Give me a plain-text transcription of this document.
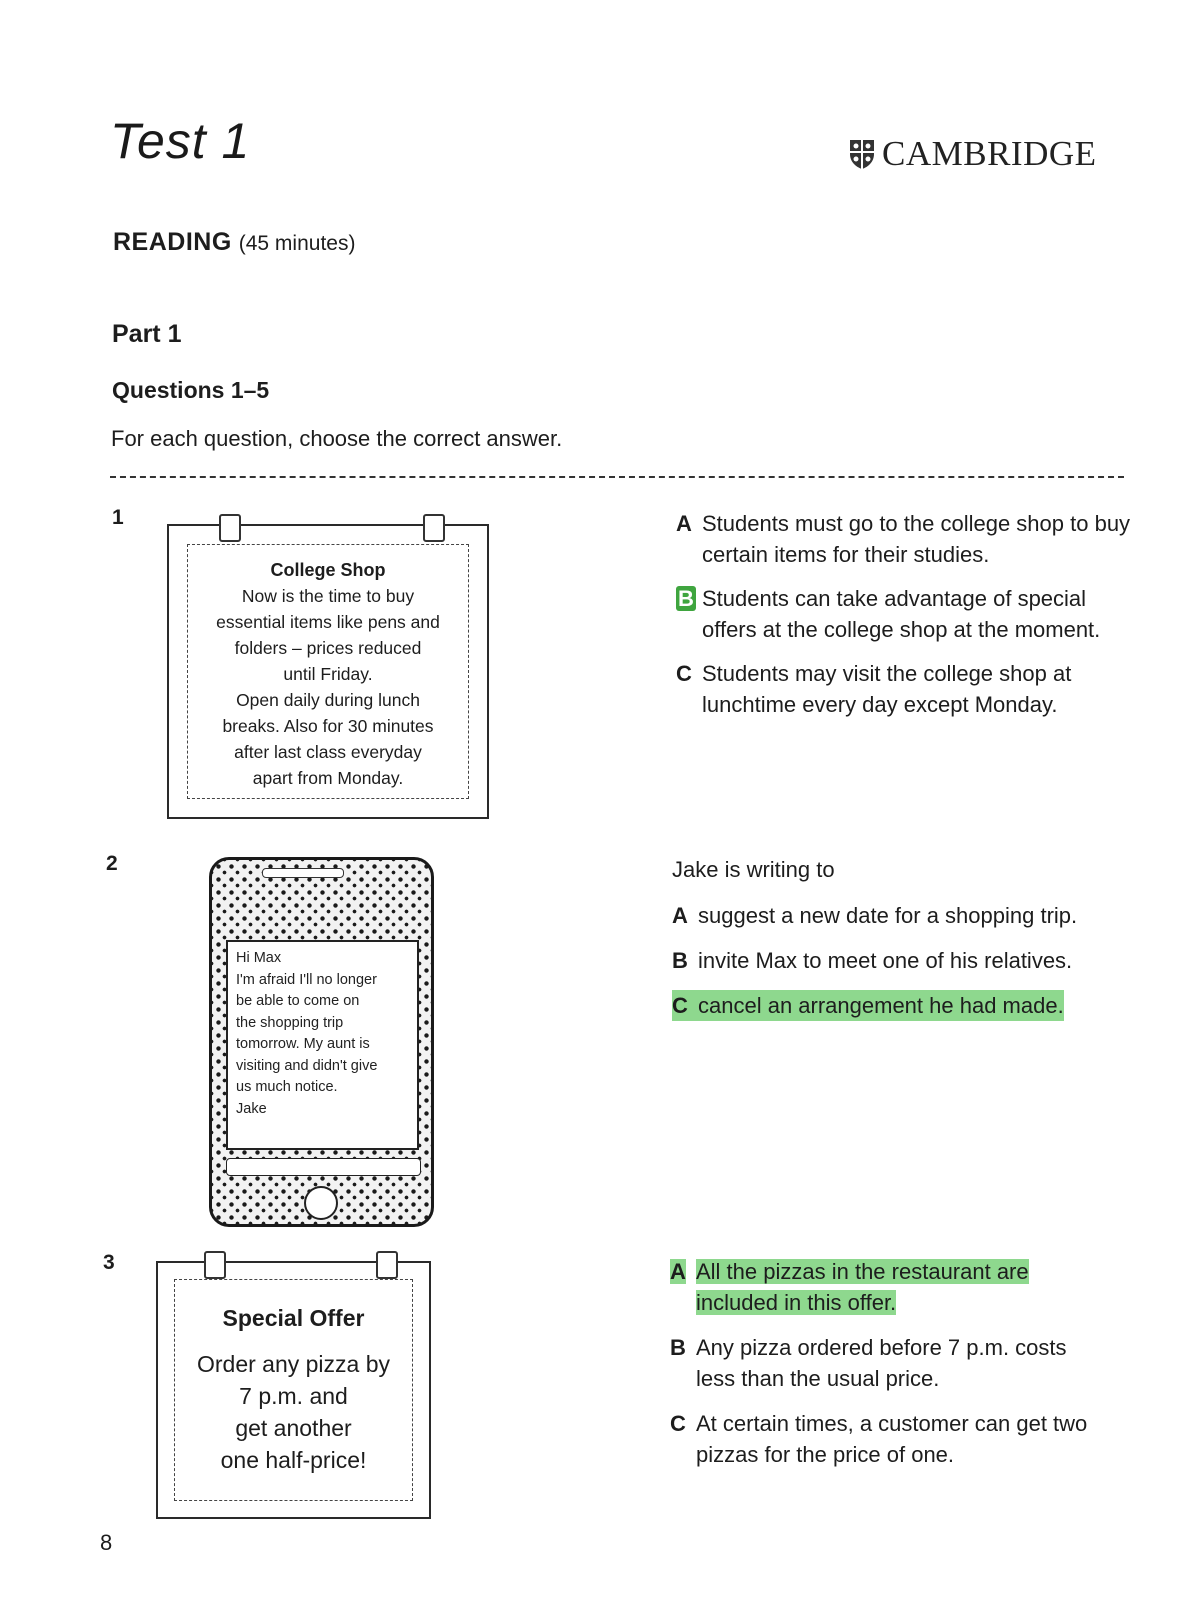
Test 1	CAMBRIDGE
READING (45 minutes)
Part 1
Questions 1–5
For each question, choose the correct answer.
1
College Shop
Now is the time to buy
essential items like pens and
folders – prices reduced
until Friday.
Open daily during lunch
breaks. Also for 30 minutes
after last class everyday
apart from Monday.
A Students must go to the college shop to buy certain items for their studies.
B Students can take advantage of special offers at the college shop at the moment.
C Students may visit the college shop at lunchtime every day except Monday.
2
Hi Max
I'm afraid I'll no longer
be able to come on
the shopping trip
tomorrow. My aunt is
visiting and didn't give
us much notice.
Jake
Jake is writing to
A suggest a new date for a shopping trip.
B invite Max to meet one of his relatives.
C cancel an arrangement he had made.
3
Special Offer
Order any pizza by
7 p.m. and
get another
one half-price!
A All the pizzas in the restaurant are included in this offer.
B Any pizza ordered before 7 p.m. costs less than the usual price.
C At certain times, a customer can get two pizzas for the price of one.
8
